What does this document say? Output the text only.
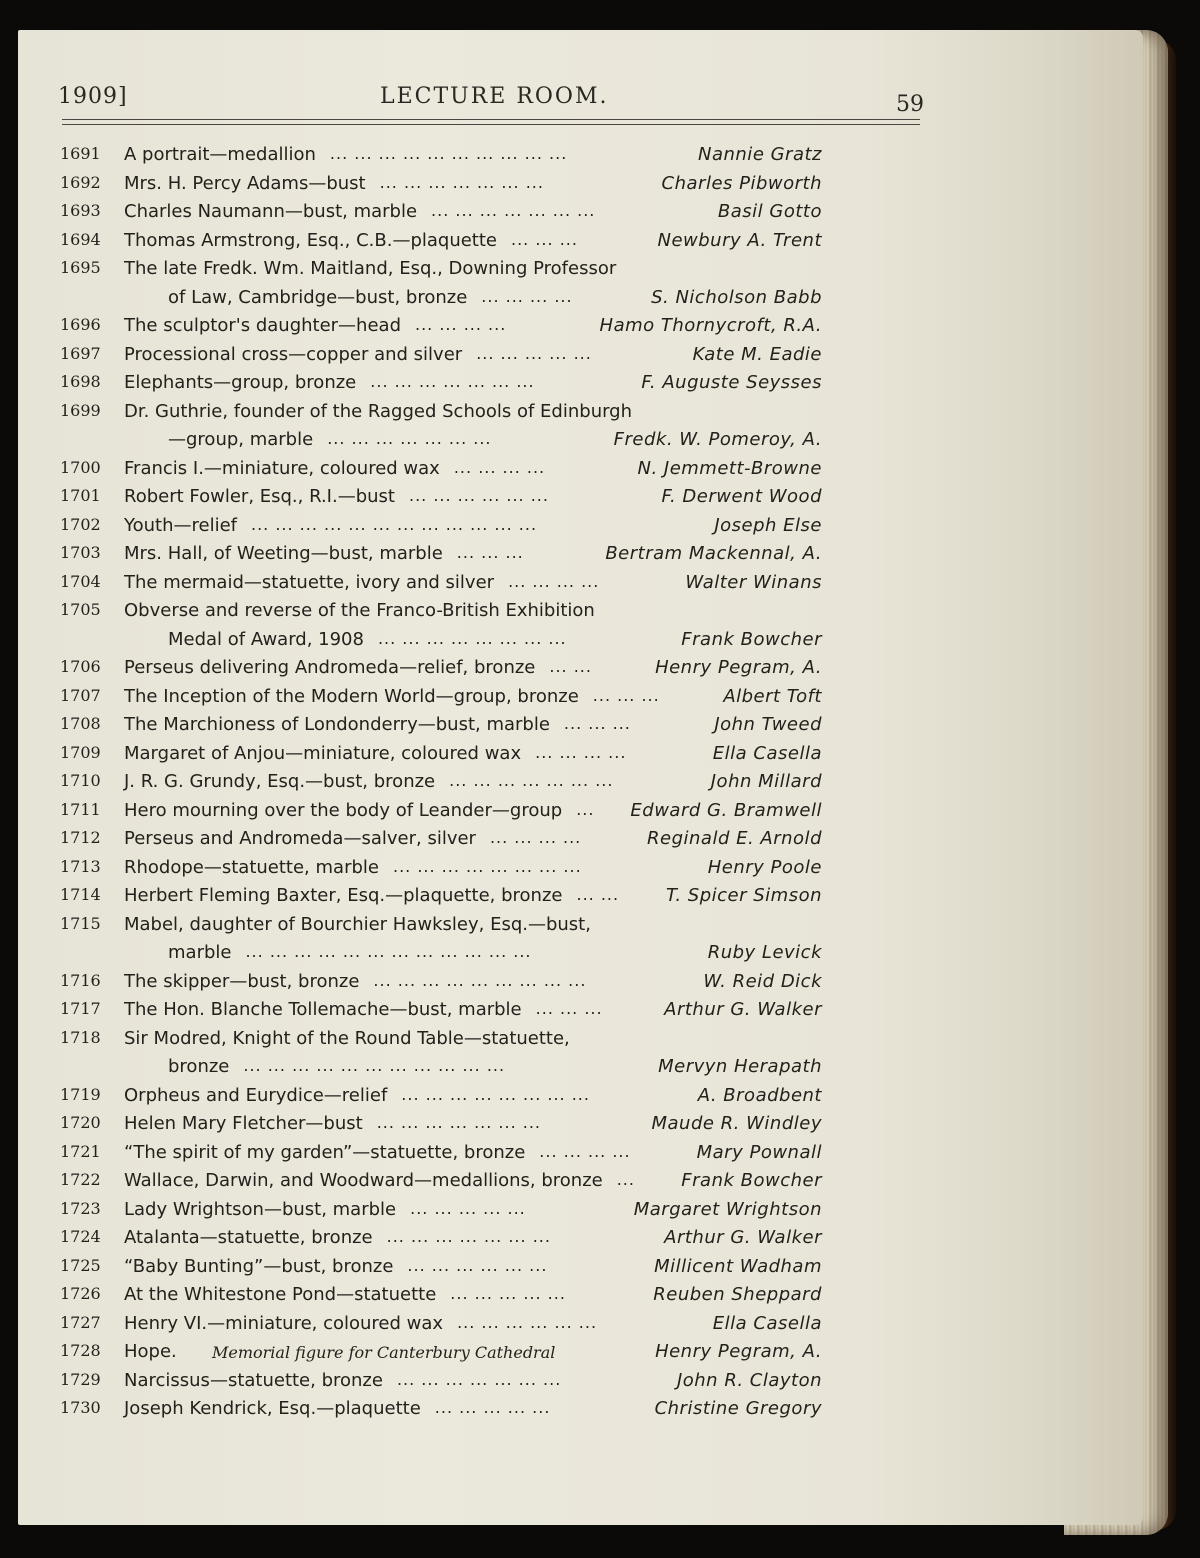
1909]	LECTURE ROOM.	59
1691 A portrait—medallion	Nannie Gratz
... ... ... ... ... ... ... ... ... ...
1692 Mrs. H. Percy Adams—bust	Charles Pibworth
... ... ... ... ... ... ...
1693 Charles Naumann—bust, marble	Basil Gotto
... ... ... ... ... ... ...
1694 Thomas Armstrong, Esq., C.B.—plaquette	Newbury A. Trent
... ... ...
1695 The late Fredk. Wm. Maitland, Esq., Downing Professor
of Law, Cambridge—bust, bronze	S. Nicholson Babb
... ... ... ...
1696 The sculptor's daughter—head	Hamo Thornycroft, R.A.
... ... ... ...
1697 Processional cross—copper and silver	Kate M. Eadie
... ... ... ... ...
1698 Elephants—group, bronze	F. Auguste Seysses
... ... ... ... ... ... ...
1699 Dr. Guthrie, founder of the Ragged Schools of Edinburgh
—group, marble	Fredk. W. Pomeroy, A.
... ... ... ... ... ... ...
1700 Francis I.—miniature, coloured wax	N. Jemmett-Browne
... ... ... ...
1701 Robert Fowler, Esq., R.I.—bust	F. Derwent Wood
... ... ... ... ... ...
1702 Youth—relief	Joseph Else
... ... ... ... ... ... ... ... ... ... ... ...
1703 Mrs. Hall, of Weeting—bust, marble	Bertram Mackennal, A.
... ... ...
1704 The mermaid—statuette, ivory and silver	Walter Winans
... ... ... ...
1705 Obverse and reverse of the Franco-British Exhibition
Medal of Award, 1908	Frank Bowcher
... ... ... ... ... ... ... ...
1706 Perseus delivering Andromeda—relief, bronze	Henry Pegram, A.
... ...
1707 The Inception of the Modern World—group, bronze	Albert Toft
... ... ...
1708 The Marchioness of Londonderry—bust, marble	John Tweed
... ... ...
1709 Margaret of Anjou—miniature, coloured wax	Ella Casella
... ... ... ...
1710 J. R. G. Grundy, Esq.—bust, bronze	John Millard
... ... ... ... ... ... ...
1711 Hero mourning over the body of Leander—group	Edward G. Bramwell
...
1712 Perseus and Andromeda—salver, silver	Reginald E. Arnold
... ... ... ...
1713 Rhodope—statuette, marble	Henry Poole
... ... ... ... ... ... ... ...
1714 Herbert Fleming Baxter, Esq.—plaquette, bronze	T. Spicer Simson
... ...
1715 Mabel, daughter of Bourchier Hawksley, Esq.—bust,
marble	Ruby Levick
... ... ... ... ... ... ... ... ... ... ... ...
1716 The skipper—bust, bronze	W. Reid Dick
... ... ... ... ... ... ... ... ...
1717 The Hon. Blanche Tollemache—bust, marble	Arthur G. Walker
... ... ...
1718 Sir Modred, Knight of the Round Table—statuette,
bronze	Mervyn Herapath
... ... ... ... ... ... ... ... ... ... ...
1719 Orpheus and Eurydice—relief	A. Broadbent
... ... ... ... ... ... ... ...
1720 Helen Mary Fletcher—bust	Maude R. Windley
... ... ... ... ... ... ...
1721 “The spirit of my garden”—statuette, bronze	Mary Pownall
... ... ... ...
1722 Wallace, Darwin, and Woodward—medallions, bronze	Frank Bowcher
...
1723 Lady Wrightson—bust, marble	Margaret Wrightson
... ... ... ... ...
1724 Atalanta—statuette, bronze	Arthur G. Walker
... ... ... ... ... ... ...
1725 “Baby Bunting”—bust, bronze	Millicent Wadham
... ... ... ... ... ...
1726 At the Whitestone Pond—statuette	Reuben Sheppard
... ... ... ... ...
1727 Henry VI.—miniature, coloured wax	Ella Casella
... ... ... ... ... ...
1728 Hope. Memorial figure for Canterbury Cathedral	Henry Pegram, A.
1729 Narcissus—statuette, bronze	John R. Clayton
... ... ... ... ... ... ...
1730 Joseph Kendrick, Esq.—plaquette	Christine Gregory
... ... ... ... ...
